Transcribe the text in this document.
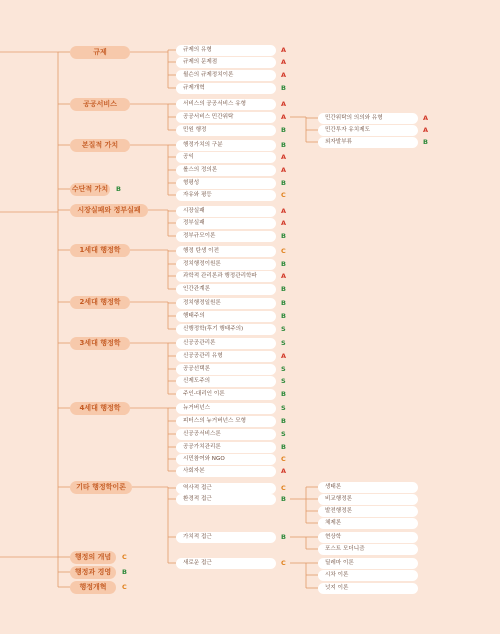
규제
공공서비스
본질적 가치
수단적 가치 B
시장실패와 정부실패
1세대 행정학
2세대 행정학
3세대 행정학
4세대 행정학
기타 행정학이론
행정의 개념	C
행정과 경영	B
행정개혁	C
규제의 유형	A
규제의 문제점	A
윌슨의 규제정치이론	A
규제개혁	B
서비스의 공공서비스 유형	A
공공서비스 민간위탁	A
민원 행정	B
행정가치의 구분	B
공익	A
롤스의 정의론	A
형평성	B
자유와 평등	C
시장실패	A
정부실패	A
정부규모이론	B
행정 탄생 이전	C
정치행정이원론	B
과학적 관리론과 행정관리학파	A
인간관계론	B
정치행정일원론	B
행태주의	B
신행정학(후기 행태주의)	S
신공공관리론	S
신공공관리 유형	A
공공선택론	S
신제도주의	S
주인-대리인 이론	B
뉴거버넌스	S
피터스의 뉴거버넌스 모형	B
신공공서비스론	S
공공가치관리론	B
시민참여와 NGO	C
사회자본	A
역사적 접근	C
환경적 접근	B
가치적 접근	B
새로운 접근	C
민간위탁의 의의와 유형	A
민간투자 유치제도	A
외자발부류	B
생태론
비교행정론
발전행정론
체제론
현상학
포스트 모더니즘
딜레마 이론
시차 이론
넛지 이론
